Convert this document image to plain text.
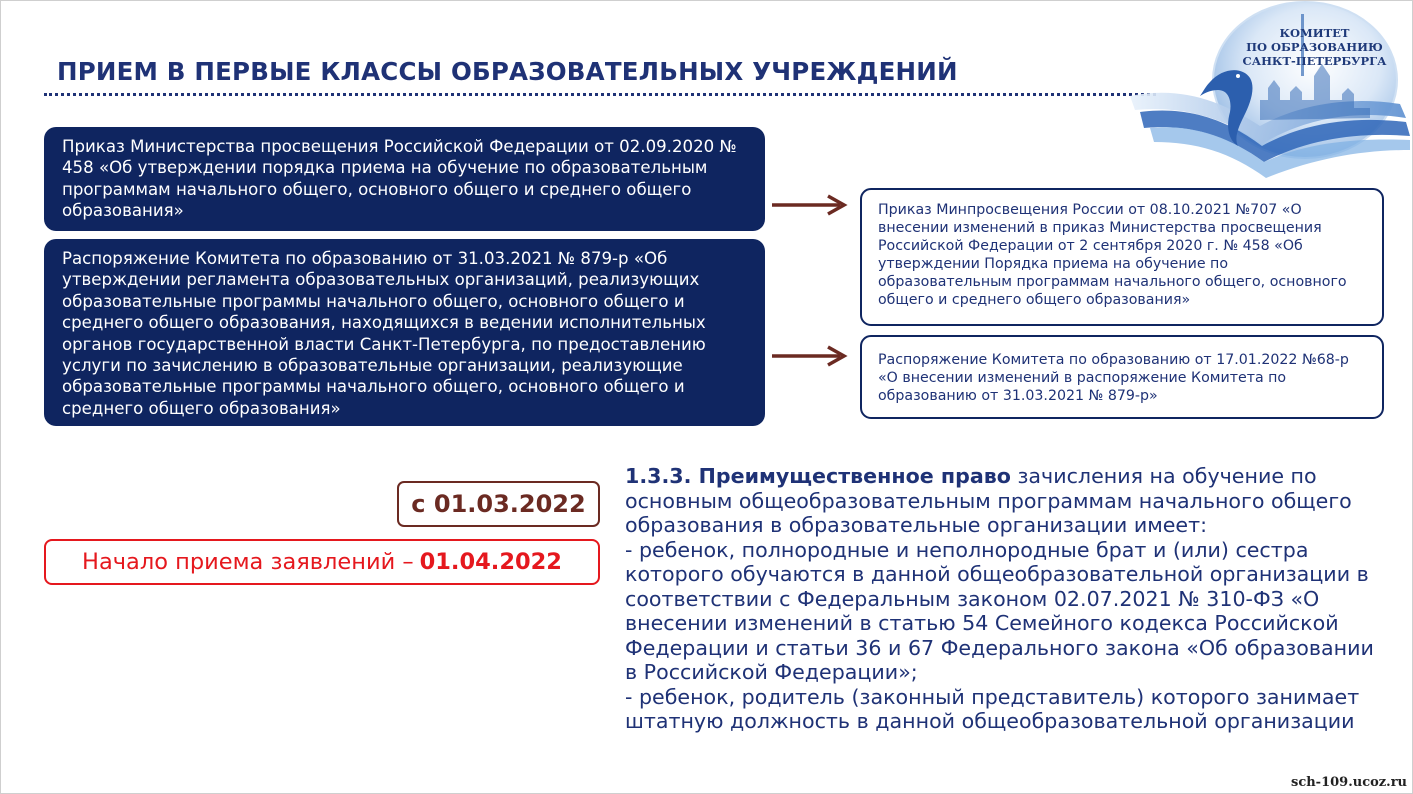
ПРИЕМ В ПЕРВЫЕ КЛАССЫ ОБРАЗОВАТЕЛЬНЫХ УЧРЕЖДЕНИЙ
КОМИТЕТ
ПО ОБРАЗОВАНИЮ
САНКТ-ПЕТЕРБУРГА
Приказ Министерства просвещения Российской Федерации от 02.09.2020 № 458 «Об утверждении порядка приема на обучение по образовательным программам начального общего, основного общего и среднего общего образования»
Распоряжение Комитета по образованию от 31.03.2021 № 879-р «Об утверждении регламента образовательных организаций, реализующих образовательные программы начального общего, основного общего и среднего общего образования, находящихся в ведении исполнительных органов государственной власти Санкт-Петербурга, по предоставлению услуги по зачислению в образовательные организации, реализующие образовательные программы начального общего, основного общего и среднего общего образования»
Приказ Минпросвещения России от 08.10.2021 №707 «О внесении изменений в приказ Министерства просвещения Российской Федерации от 2 сентября 2020 г. № 458 «Об утверждении Порядка приема на обучение по образовательным программам начального общего, основного общего и среднего общего образования»
Распоряжение Комитета по образованию от 17.01.2022 №68-р «О внесении изменений в распоряжение Комитета по образованию от 31.03.2021 № 879-р»
с 01.03.2022
Начало приема заявлений – 01.04.2022

1.3.3. Преимущественное право зачисления на обучение по основным общеобразовательным программам начального общего образования в образовательные организации имеет:

- ребенок, полнородные и неполнородные брат и (или) сестра которого обучаются в данной общеобразовательной организации в соответствии с Федеральным законом 02.07.2021 № 310-ФЗ «О внесении изменений в статью 54 Семейного кодекса Российской Федерации и статьи 36 и 67 Федерального закона «Об образовании в Российской Федерации»;

- ребенок, родитель (законный представитель) которого занимает штатную должность в данной общеобразовательной организации

sch-109.ucoz.ru
